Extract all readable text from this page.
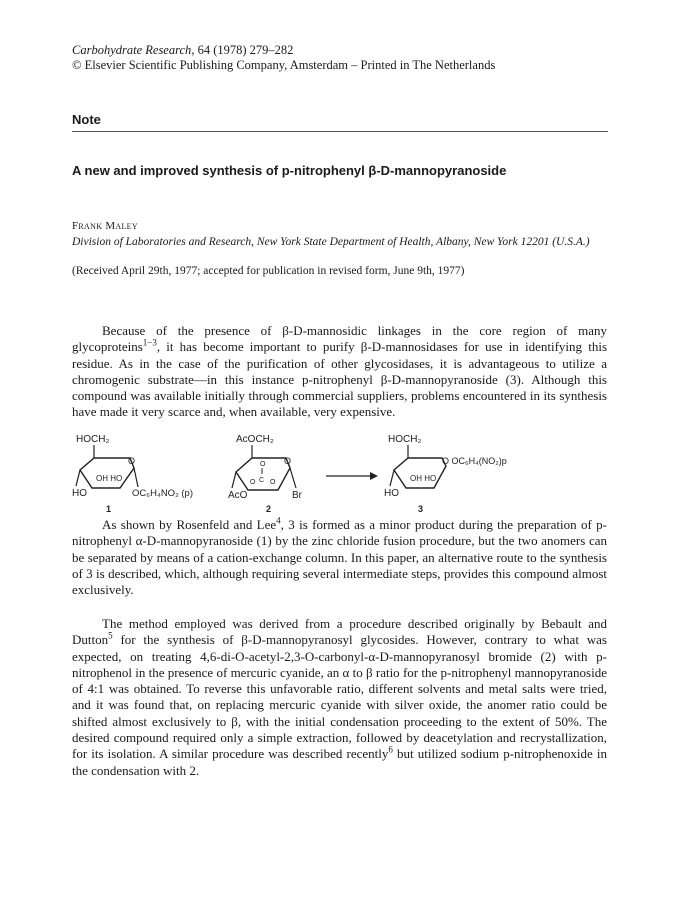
Carbohydrate Research, 64 (1978) 279–282
© Elsevier Scientific Publishing Company, Amsterdam – Printed in The Netherlands
Note
A new and improved synthesis of p-nitrophenyl β-D-mannopyranoside
Frank Maley
Division of Laboratories and Research, New York State Department of Health, Albany, New York 12201 (U.S.A.)
(Received April 29th, 1977; accepted for publication in revised form, June 9th, 1977)

Because of the presence of β-D-mannosidic linkages in the core region of many glycoproteins$^{1-3}$, it has become important to purify β-D-mannosidases for use in identifying this residue. As in the case of the purification of other glycosidases, it is advantageous to utilize a chromogenic substrate—in this instance p-nitrophenyl β-D-mannopyranoside (3). Although this compound was available initially through commercial suppliers, problems encountered in its synthesis have made it very scarce and, when available, very expensive.

HOCH₂
O
OH HO
HO	OC₆H₄NO₂ (p)
1
AcOCH₂
O
O
C
O O
AcO	Br
2
HOCH₂
O OC₆H₄(NO₂)p
OH HO
HO
3

As shown by Rosenfeld and Lee$^4$, 3 is formed as a minor product during the preparation of p-nitrophenyl α-D-mannopyranoside (1) by the zinc chloride fusion procedure, but the two anomers can be separated by means of a cation-exchange column. In this paper, an alternative route to the synthesis of 3 is described, which, although requiring several intermediate steps, provides this compound almost exclusively.

The method employed was derived from a procedure described originally by Bebault and Dutton$^5$ for the synthesis of β-D-mannopyranosyl glycosides. However, contrary to what was expected, on treating 4,6-di-O-acetyl-2,3-O-carbonyl-α-D-mannopyranosyl bromide (2) with p-nitrophenol in the presence of mercuric cyanide, an α to β ratio for the p-nitrophenyl mannopyranoside of 4:1 was obtained. To reverse this unfavorable ratio, different solvents and metal salts were tried, and it was found that, on replacing mercuric cyanide with silver oxide, the anomer ratio could be shifted almost exclusively to β, with the initial condensation proceeding to the extent of 50%. The desired compound required only a simple extraction, followed by deacetylation and recrystallization, for its isolation. A similar procedure was described recently$^6$ but utilized sodium p-nitrophenoxide in the condensation with 2.
